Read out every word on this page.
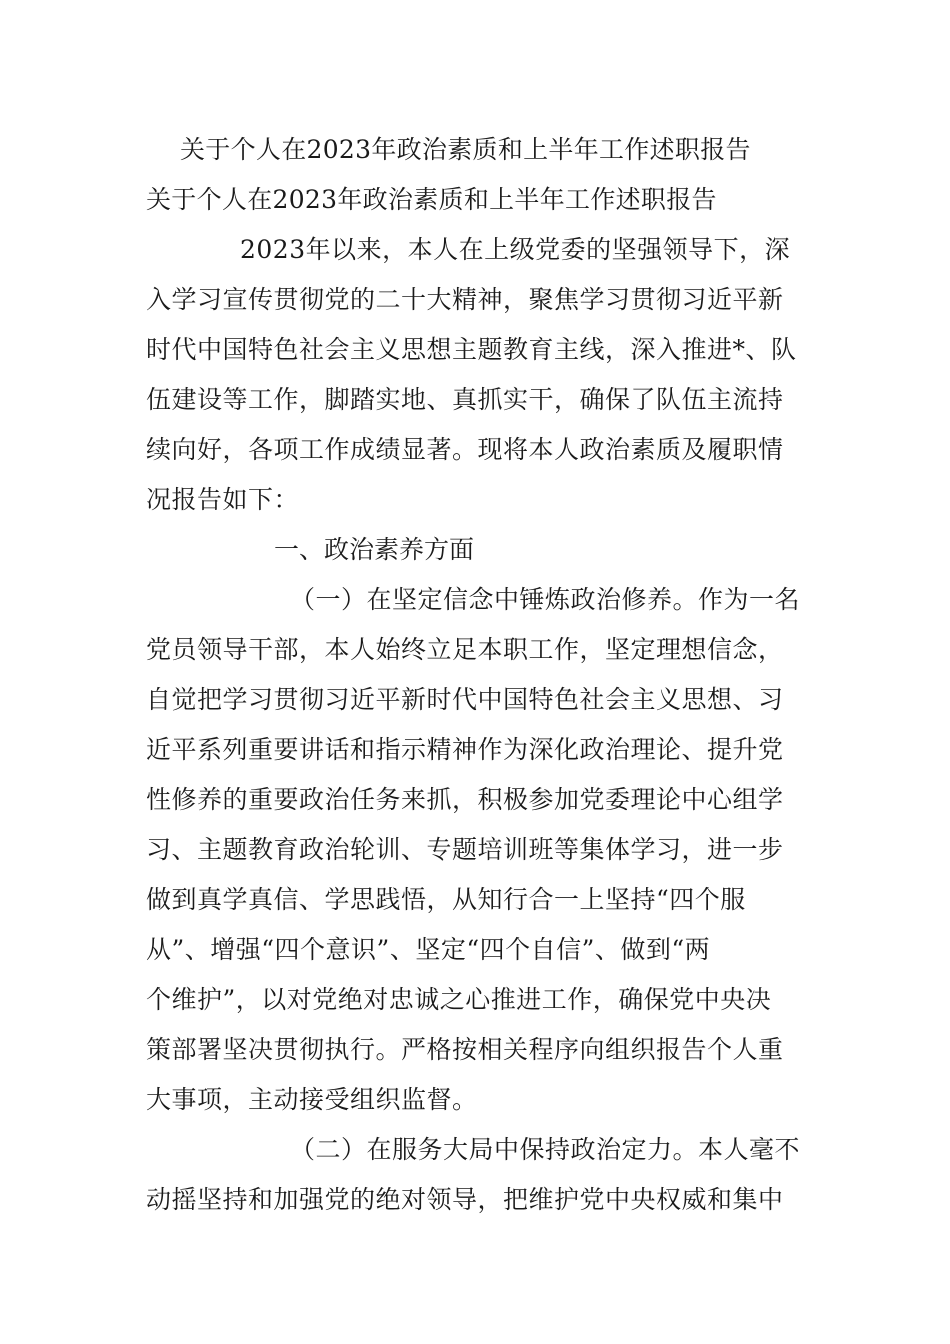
关于个人在2023年政治素质和上半年工作述职报告
关于个人在2023年政治素质和上半年工作述职报告
2023年以来，本人在上级党委的坚强领导下，深
入学习宣传贯彻党的二十大精神，聚焦学习贯彻习近平新
时代中国特色社会主义思想主题教育主线，深入推进*、队
伍建设等工作，脚踏实地、真抓实干，确保了队伍主流持
续向好，各项工作成绩显著。现将本人政治素质及履职情
况报告如下：
一、政治素养方面
（一）在坚定信念中锤炼政治修养。作为一名
党员领导干部，本人始终立足本职工作，坚定理想信念，
自觉把学习贯彻习近平新时代中国特色社会主义思想、习
近平系列重要讲话和指示精神作为深化政治理论、提升党
性修养的重要政治任务来抓，积极参加党委理论中心组学
习、主题教育政治轮训、专题培训班等集体学习，进一步
做到真学真信、学思践悟，从知行合一上坚持“四个服
从”、增强“四个意识”、坚定“四个自信”、做到“两
个维护”，以对党绝对忠诚之心推进工作，确保党中央决
策部署坚决贯彻执行。严格按相关程序向组织报告个人重
大事项，主动接受组织监督。
（二）在服务大局中保持政治定力。本人毫不
动摇坚持和加强党的绝对领导，把维护党中央权威和集中
